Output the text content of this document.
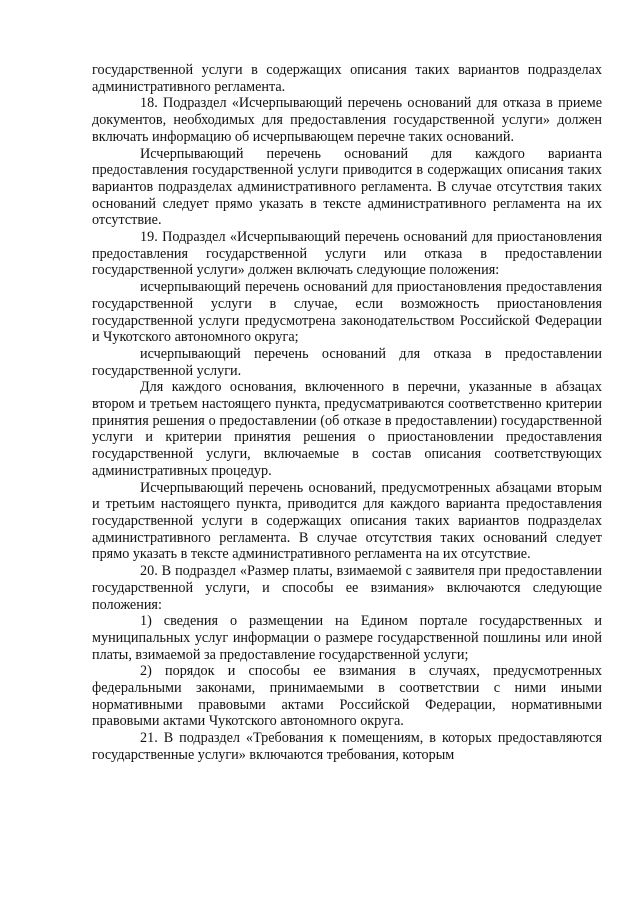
государственной услуги в содержащих описания таких вариантов подразделах административного регламента.

18. Подраздел «Исчерпывающий перечень оснований для отказа в приеме документов, необходимых для предоставления государственной услуги» должен включать информацию об исчерпывающем перечне таких оснований.

Исчерпывающий перечень оснований для каждого варианта предоставления государственной услуги приводится в содержащих описания таких вариантов подразделах административного регламента. В случае отсутствия таких оснований следует прямо указать в тексте административного регламента на их отсутствие.

19. Подраздел «Исчерпывающий перечень оснований для приостановления предоставления государственной услуги или отказа в предоставлении государственной услуги» должен включать следующие положения:

исчерпывающий перечень оснований для приостановления предоставления государственной услуги в случае, если возможность приостановления государственной услуги предусмотрена законодательством Российской Федерации и Чукотского автономного округа;

исчерпывающий перечень оснований для отказа в предоставлении государственной услуги.

Для каждого основания, включенного в перечни, указанные в абзацах втором и третьем настоящего пункта, предусматриваются соответственно критерии принятия решения о предоставлении (об отказе в предоставлении) государственной услуги и критерии принятия решения о приостановлении предоставления государственной услуги, включаемые в состав описания соответствующих административных процедур.

Исчерпывающий перечень оснований, предусмотренных абзацами вторым и третьим настоящего пункта, приводится для каждого варианта предоставления государственной услуги в содержащих описания таких вариантов подразделах административного регламента. В случае отсутствия таких оснований следует прямо указать в тексте административного регламента на их отсутствие.

20. В подраздел «Размер платы, взимаемой с заявителя при предоставлении государственной услуги, и способы ее взимания» включаются следующие положения:

1) сведения о размещении на Едином портале государственных и муниципальных услуг информации о размере государственной пошлины или иной платы, взимаемой за предоставление государственной услуги;

2) порядок и способы ее взимания в случаях, предусмотренных федеральными законами, принимаемыми в соответствии с ними иными нормативными правовыми актами Российской Федерации, нормативными правовыми актами Чукотского автономного округа.

21. В подраздел «Требования к помещениям, в которых предоставляются государственные услуги» включаются требования, которым
